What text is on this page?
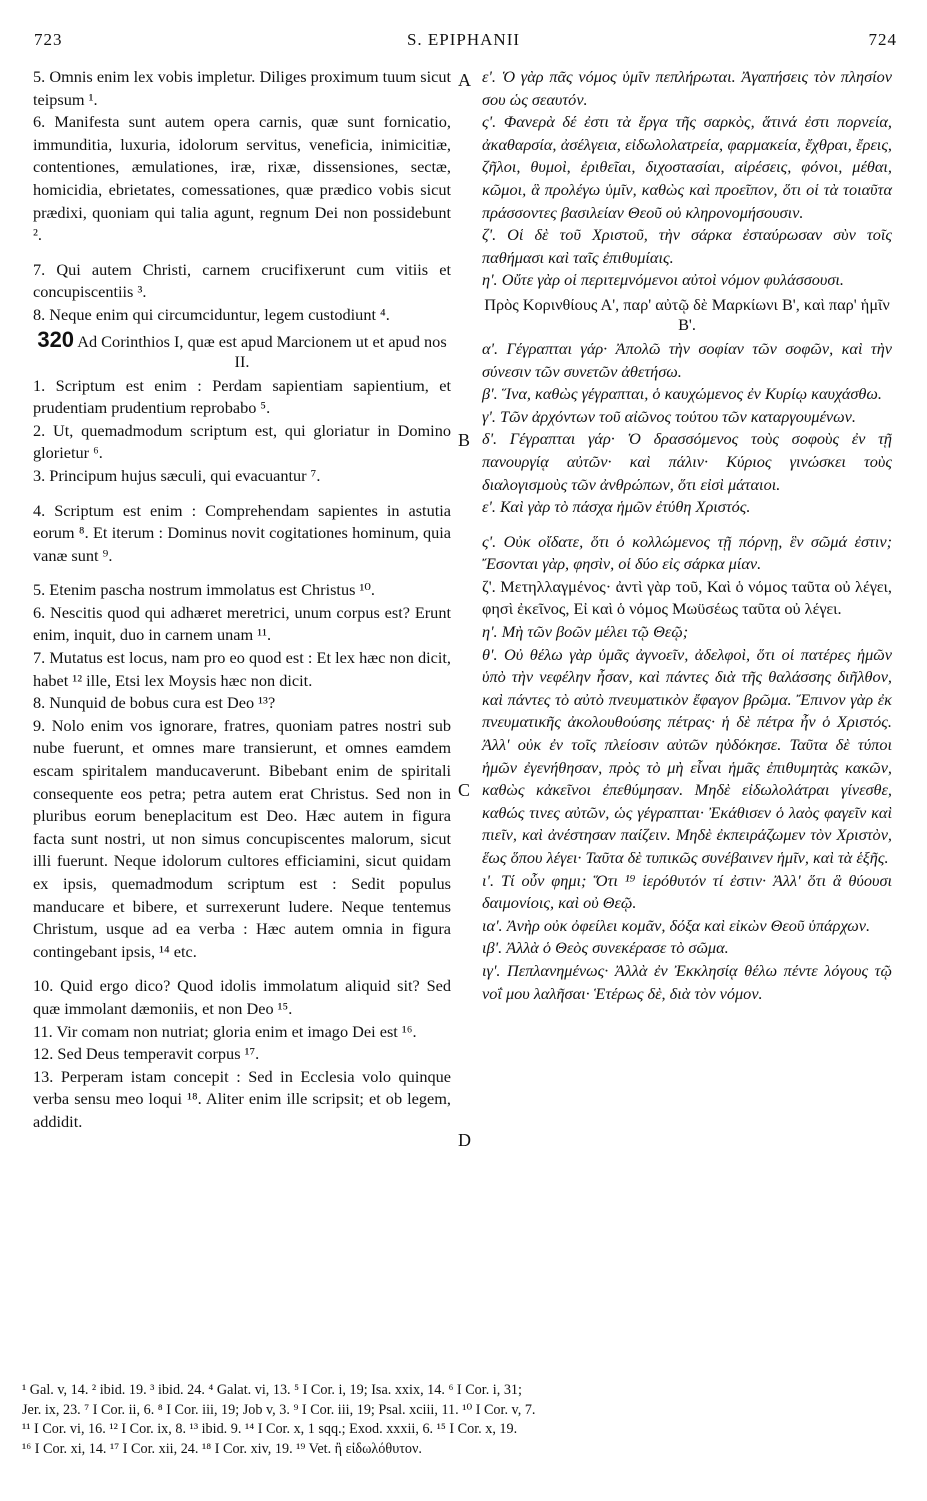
723	S. EPIPHANII	724
A
B
C
D

5. Omnis enim lex vobis impletur. Diliges proximum tuum sicut teipsum ¹.

6. Manifesta sunt autem opera carnis, quæ sunt fornicatio, immunditia, luxuria, idolorum servitus, veneficia, inimicitiæ, contentiones, æmulationes, iræ, rixæ, dissensiones, sectæ, homicidia, ebrietates, comessationes, quæ prædico vobis sicut prædixi, quoniam qui talia agunt, regnum Dei non possidebunt ².

7. Qui autem Christi, carnem crucifixerunt cum vitiis et concupiscentiis ³.

8. Neque enim qui circumciduntur, legem custodiunt ⁴.

320 Ad Corinthios I, quæ est apud Marcionem ut et apud nos II.

1. Scriptum est enim : Perdam sapientiam sapientium, et prudentiam prudentium reprobabo ⁵.

2. Ut, quemadmodum scriptum est, qui gloriatur in Domino glorietur ⁶.

3. Principum hujus sæculi, qui evacuantur ⁷.

4. Scriptum est enim : Comprehendam sapientes in astutia eorum ⁸. Et iterum : Dominus novit cogitationes hominum, quia vanæ sunt ⁹.

5. Etenim pascha nostrum immolatus est Christus ¹⁰.

6. Nescitis quod qui adhæret meretrici, unum corpus est? Erunt enim, inquit, duo in carnem unam ¹¹.

7. Mutatus est locus, nam pro eo quod est : Et lex hæc non dicit, habet ¹² ille, Etsi lex Moysis hæc non dicit.

8. Nunquid de bobus cura est Deo ¹³?

9. Nolo enim vos ignorare, fratres, quoniam patres nostri sub nube fuerunt, et omnes mare transierunt, et omnes eamdem escam spiritalem manducaverunt. Bibebant enim de spiritali consequente eos petra; petra autem erat Christus. Sed non in pluribus eorum beneplacitum est Deo. Hæc autem in figura facta sunt nostri, ut non simus concupiscentes malorum, sicut illi fuerunt. Neque idolorum cultores efficiamini, sicut quidam ex ipsis, quemadmodum scriptum est : Sedit populus manducare et bibere, et surrexerunt ludere. Neque tentemus Christum, usque ad ea verba : Hæc autem omnia in figura contingebant ipsis, ¹⁴ etc.

10. Quid ergo dico? Quod idolis immolatum aliquid sit? Sed quæ immolant dæmoniis, et non Deo ¹⁵.

11. Vir comam non nutriat; gloria enim et imago Dei est ¹⁶.

12. Sed Deus temperavit corpus ¹⁷.

13. Perperam istam concepit : Sed in Ecclesia volo quinque verba sensu meo loqui ¹⁸. Aliter enim ille scripsit; et ob legem, addidit.

ε'. Ὁ γὰρ πᾶς νόμος ὑμῖν πεπλήρωται. Ἀγαπήσεις τὸν πλησίον σου ὡς σεαυτόν.

ς'. Φανερὰ δέ ἐστι τὰ ἔργα τῆς σαρκὸς, ἅτινά ἐστι πορνεία, ἀκαθαρσία, ἀσέλγεια, εἰδωλολατρεία, φαρμακεία, ἔχθραι, ἔρεις, ζῆλοι, θυμοὶ, ἐριθεῖαι, διχοστασίαι, αἱρέσεις, φόνοι, μέθαι, κῶμοι, ἃ προλέγω ὑμῖν, καθὼς καὶ προεῖπον, ὅτι οἱ τὰ τοιαῦτα πράσσοντες βασιλείαν Θεοῦ οὐ κληρονομήσουσιν.

ζ'. Οἱ δὲ τοῦ Χριστοῦ, τὴν σάρκα ἐσταύρωσαν σὺν τοῖς παθήμασι καὶ ταῖς ἐπιθυμίαις.

η'. Οὔτε γὰρ οἱ περιτεμνόμενοι αὐτοὶ νόμον φυλάσσουσι.

Πρὸς Κορινθίους Α', παρ' αὐτῷ δὲ Μαρκίωνι Β', καὶ παρ' ἡμῖν Β'.

α'. Γέγραπται γάρ· Ἀπολῶ τὴν σοφίαν τῶν σοφῶν, καὶ τὴν σύνεσιν τῶν συνετῶν ἀθετήσω.

β'. Ἵνα, καθὼς γέγραπται, ὁ καυχώμενος ἐν Κυρίῳ καυχάσθω.

γ'. Τῶν ἀρχόντων τοῦ αἰῶνος τούτου τῶν καταργουμένων.

δ'. Γέγραπται γάρ· Ὁ δρασσόμενος τοὺς σοφοὺς ἐν τῇ πανουργίᾳ αὐτῶν· καὶ πάλιν· Κύριος γινώσκει τοὺς διαλογισμοὺς τῶν ἀνθρώπων, ὅτι εἰσὶ μάταιοι.

ε'. Καὶ γὰρ τὸ πάσχα ἡμῶν ἐτύθη Χριστός.

ς'. Οὐκ οἴδατε, ὅτι ὁ κολλώμενος τῇ πόρνῃ, ἓν σῶμά ἐστιν; Ἔσονται γὰρ, φησὶν, οἱ δύο εἰς σάρκα μίαν.

ζ'. Μετηλλαγμένος· ἀντὶ γὰρ τοῦ, Καὶ ὁ νόμος ταῦτα οὐ λέγει, φησὶ ἐκεῖνος, Εἰ καὶ ὁ νόμος Μωϋσέως ταῦτα οὐ λέγει.

η'. Μὴ τῶν βοῶν μέλει τῷ Θεῷ;

θ'. Οὐ θέλω γὰρ ὑμᾶς ἀγνοεῖν, ἀδελφοὶ, ὅτι οἱ πατέρες ἡμῶν ὑπὸ τὴν νεφέλην ἦσαν, καὶ πάντες διὰ τῆς θαλάσσης διῆλθον, καὶ πάντες τὸ αὐτὸ πνευματικὸν ἔφαγον βρῶμα. Ἔπινον γὰρ ἐκ πνευματικῆς ἀκολουθούσης πέτρας· ἡ δὲ πέτρα ἦν ὁ Χριστός. Ἀλλ' οὐκ ἐν τοῖς πλείοσιν αὐτῶν ηὐδόκησε. Ταῦτα δὲ τύποι ἡμῶν ἐγενήθησαν, πρὸς τὸ μὴ εἶναι ἡμᾶς ἐπιθυμητὰς κακῶν, καθὼς κἀκεῖνοι ἐπεθύμησαν. Μηδὲ εἰδωλολάτραι γίνεσθε, καθώς τινες αὐτῶν, ὡς γέγραπται· Ἐκάθισεν ὁ λαὸς φαγεῖν καὶ πιεῖν, καὶ ἀνέστησαν παίζειν. Μηδὲ ἐκπειράζωμεν τὸν Χριστὸν, ἕως ὅπου λέγει· Ταῦτα δὲ τυπικῶς συνέβαινεν ἡμῖν, καὶ τὰ ἑξῆς.

ι'. Τί οὖν φημι; Ὅτι ¹⁹ ἱερόθυτόν τί ἐστιν· Ἀλλ' ὅτι ἃ θύουσι δαιμονίοις, καὶ οὐ Θεῷ.

ια'. Ἀνὴρ οὐκ ὀφείλει κομᾶν, δόξα καὶ εἰκὼν Θεοῦ ὑπάρχων.

ιβ'. Ἀλλὰ ὁ Θεὸς συνεκέρασε τὸ σῶμα.

ιγ'. Πεπλανημένως· Ἀλλὰ ἐν Ἐκκλησίᾳ θέλω πέντε λόγους τῷ νοΐ μου λαλῆσαι· Ἑτέρως δὲ, διὰ τὸν νόμον.

¹ Gal. v, 14. ² ibid. 19. ³ ibid. 24. ⁴ Galat. vi, 13. ⁵ I Cor. i, 19; Isa. xxix, 14. ⁶ I Cor. i, 31;
Jer. ix, 23. ⁷ I Cor. ii, 6. ⁸ I Cor. iii, 19; Job v, 3. ⁹ I Cor. iii, 19; Psal. xciii, 11. ¹⁰ I Cor. v, 7.
¹¹ I Cor. vi, 16. ¹² I Cor. ix, 8. ¹³ ibid. 9. ¹⁴ I Cor. x, 1 sqq.; Exod. xxxii, 6. ¹⁵ I Cor. x, 19.
¹⁶ I Cor. xi, 14. ¹⁷ I Cor. xii, 24. ¹⁸ I Cor. xiv, 19. ¹⁹ Vet. ἢ εἰδωλόθυτον.
